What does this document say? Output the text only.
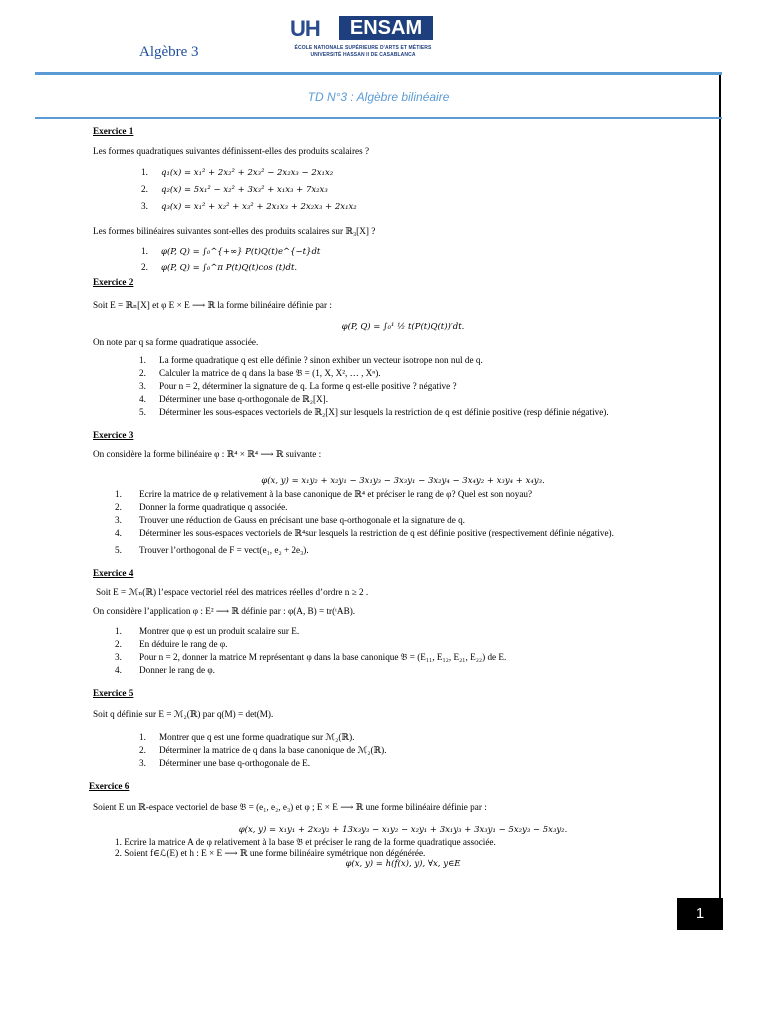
Algèbre 3
UH	ENSAM
ÉCOLE NATIONALE SUPÉRIEURE D'ARTS ET MÉTIERS
UNIVERSITÉ HASSAN II DE CASABLANCA
TD N°3 : Algèbre bilinéaire
Exercice 1

Les formes quadratiques suivantes définissent-elles des produits scalaires ?

1. q₁(x) = x₁² + 2x₂² + 2x₃² − 2x₂x₃ − 2x₁x₂
2. q₂(x) = 5x₁² − x₂² + 3x₃² + x₁x₃ + 7x₂x₃
3. q₃(x) = x₁² + x₂² + x₃² + 2x₁x₃ + 2x₂x₃ + 2x₁x₂

Les formes bilinéaires suivantes sont-elles des produits scalaires sur ℝ₃[X] ?

1. φ(P, Q) = ∫₀^{+∞} P(t)Q(t)e^{−t}dt
2. φ(P, Q) = ∫₀^π P(t)Q(t)cos (t)dt.
Exercice 2

Soit E = ℝₙ[X] et φ E × E ⟶ ℝ la forme bilinéaire définie par :

φ(P, Q) = ∫₀¹ ½ t(P(t)Q(t))′dt.

On note par q sa forme quadratique associée.

1. La forme quadratique q est elle définie ? sinon exhiber un vecteur isotrope non nul de q.
2. Calculer la matrice de q dans la base 𝔅 = (1, X, X², … , Xⁿ).
3. Pour n = 2, déterminer la signature de q. La forme q est-elle positive ? négative ?
4. Déterminer une base q-orthogonale de ℝ₂[X].
5. Déterminer les sous-espaces vectoriels de ℝ₂[X] sur lesquels la restriction de q est définie positive (resp définie négative).
Exercice 3

On considère la forme bilinéaire φ : ℝ⁴ × ℝ⁴ ⟶ ℝ suivante :

φ(x, y) = x₁y₂ + x₂y₁ − 3x₁y₃ − 3x₃y₁ − 3x₂y₄ − 3x₄y₂ + x₃y₄ + x₄y₃.

1. Ecrire la matrice de φ relativement à la base canonique de ℝ⁴ et préciser le rang de φ? Quel est son noyau?
2. Donner la forme quadratique q associée.
3. Trouver une réduction de Gauss en précisant une base q-orthogonale et la signature de q.
4. Déterminer les sous-espaces vectoriels de ℝ⁴sur lesquels la restriction de q est définie positive (respectivement définie négative).
5. Trouver l’orthogonal de F = vect(e₁, e₂ + 2e₃).
Exercice 4

Soit E = ℳₙ(ℝ) l’espace vectoriel réel des matrices réelles d’ordre n ≥ 2 .

On considère l’application φ : E² ⟶ ℝ définie par : φ(A, B) = tr(ᵗAB).

1. Montrer que φ est un produit scalaire sur E.
2. En déduire le rang de φ.
3. Pour n = 2, donner la matrice M représentant φ dans la base canonique 𝔅 = (E₁₁, E₁₂, E₂₁, E₂₂) de E.
4. Donner le rang de φ.
Exercice 5

Soit q définie sur E = ℳ₂(ℝ) par q(M) = det(M).

1. Montrer que q est une forme quadratique sur ℳ₂(ℝ).
2. Déterminer la matrice de q dans la base canonique de ℳ₂(ℝ).
3. Déterminer une base q-orthogonale de E.
Exercice 6

Soient E un ℝ-espace vectoriel de base 𝔅 = (e₁, e₂, e₃) et φ ; E × E ⟶ ℝ une forme bilinéaire définie par :

φ(x, y) = x₁y₁ + 2x₂y₂ + 13x₃y₃ − x₁y₂ − x₂y₁ + 3x₁y₃ + 3x₃y₁ − 5x₂y₃ − 5x₃y₂.

1. Ecrire la matrice A de φ relativement à la base 𝔅 et préciser le rang de la forme quadratique associée.

2. Soient f∈ℒ(E) et h : E × E ⟶ ℝ une forme bilinéaire symétrique non dégénérée.

φ(x, y) = h(f(x), y), ∀x, y∈E

1
